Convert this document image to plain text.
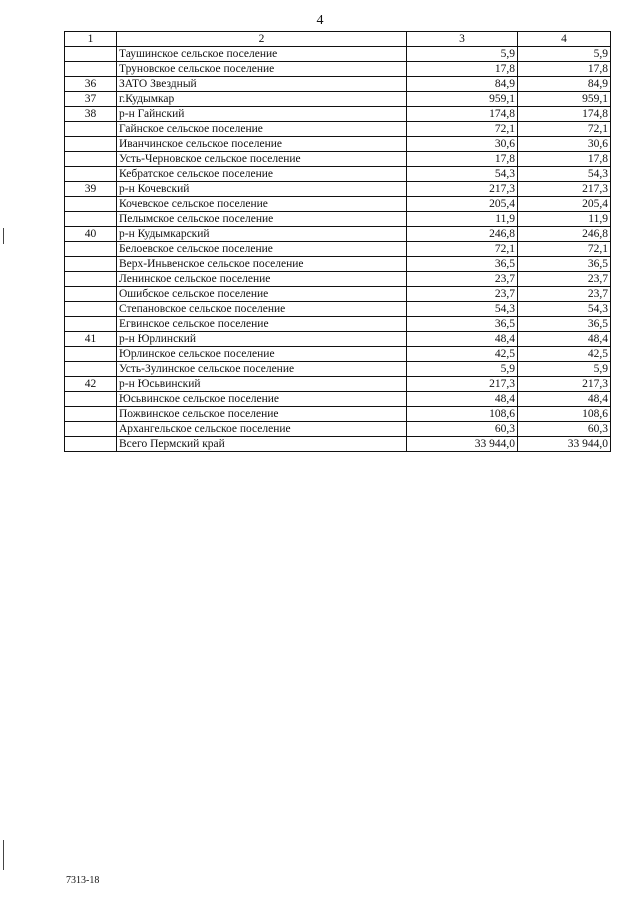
4
1	2	3	4
	Таушинское сельское поселение	5,9	5,9
	Труновское сельское поселение	17,8	17,8
36	ЗАТО Звездный	84,9	84,9
37	г.Кудымкар	959,1	959,1
38	р-н Гайнский	174,8	174,8
	Гайнское сельское поселение	72,1	72,1
	Иванчинское сельское поселение	30,6	30,6
	Усть-Черновское сельское поселение	17,8	17,8
	Кебратское сельское поселение	54,3	54,3
39	р-н Кочевский	217,3	217,3
	Кочевское сельское поселение	205,4	205,4
	Пелымское сельское поселение	11,9	11,9
40	р-н Кудымкарский	246,8	246,8
	Белоевское сельское поселение	72,1	72,1
	Верх-Иньвенское сельское поселение	36,5	36,5
	Ленинское сельское поселение	23,7	23,7
	Ошибское сельское поселение	23,7	23,7
	Степановское сельское поселение	54,3	54,3
	Егвинское сельское поселение	36,5	36,5
41	р-н Юрлинский	48,4	48,4
	Юрлинское сельское поселение	42,5	42,5
	Усть-Зулинское сельское поселение	5,9	5,9
42	р-н Юсьвинский	217,3	217,3
	Юсьвинское сельское поселение	48,4	48,4
	Пожвинское сельское поселение	108,6	108,6
	Архангельское сельское поселение	60,3	60,3
	Всего Пермский край	33 944,0	33 944,0
7313-18
